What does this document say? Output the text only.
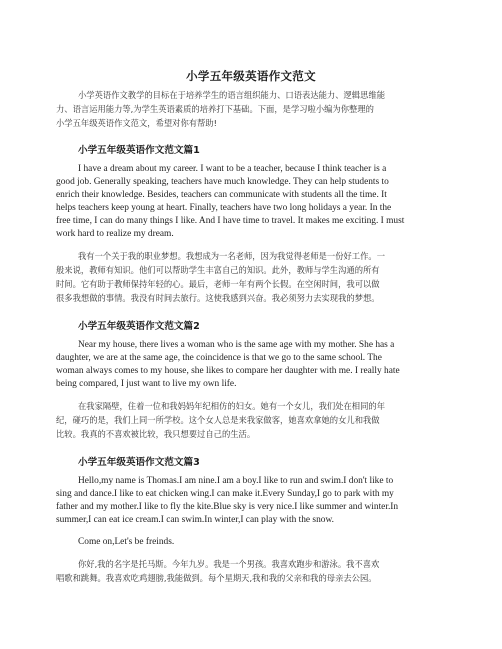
小学五年级英语作文范文
小学英语作文教学的目标在于培养学生的语言组织能力、口语表达能力、逻辑思维能
力、语言运用能力等,为学生英语素质的培养打下基础。下面，是学习啦小编为你整理的
小学五年级英语作文范文，希望对你有帮助!
小学五年级英语作文范文篇1
I have a dream about my career. I want to be a teacher, because I think teacher is a
good job. Generally speaking, teachers have much knowledge. They can help students to
enrich their knowledge. Besides, teachers can communicate with students all the time. It
helps teachers keep young at heart. Finally, teachers have two long holidays a year. In the
free time, I can do many things I like. And I have time to travel. It makes me exciting. I must
work hard to realize my dream.
我有一个关于我的职业梦想。我想成为一名老师，因为我觉得老师是一份好工作。一
般来说，教师有知识。他们可以帮助学生丰富自己的知识。此外，教师与学生沟通的所有
时间。它有助于教师保持年轻的心。最后，老师一年有两个长假。在空闲时间，我可以做
很多我想做的事情。我没有时间去旅行。这使我感到兴奋。我必须努力去实现我的梦想。
小学五年级英语作文范文篇2
Near my house, there lives a woman who is the same age with my mother. She has a
daughter, we are at the same age, the coincidence is that we go to the same school. The
woman always comes to my house, she likes to compare her daughter with me. I really hate
being compared, I just want to live my own life.
在我家隔壁，住着一位和我妈妈年纪相仿的妇女。她有一个女儿，我们处在相同的年
纪，碰巧的是，我们上同一所学校。这个女人总是来我家做客，她喜欢拿她的女儿和我做
比较。我真的不喜欢被比较，我只想要过自己的生活。
小学五年级英语作文范文篇3
Hello,my name is Thomas.I am nine.I am a boy.I like to run and swim.I don't like to
sing and dance.I like to eat chicken wing.I can make it.Every Sunday,I go to park with my
father and my mother.I like to fly the kite.Blue sky is very nice.I like summer and winter.In
summer,I can eat ice cream.I can swim.In winter,I can play with the snow.
Come on,Let's be freinds.
你好,我的名字是托马斯。今年九岁。我是一个男孩。我喜欢跑步和游泳。我不喜欢
唱歌和跳舞。我喜欢吃鸡翅膀,我能做到。每个星期天,我和我的父亲和我的母亲去公园。
